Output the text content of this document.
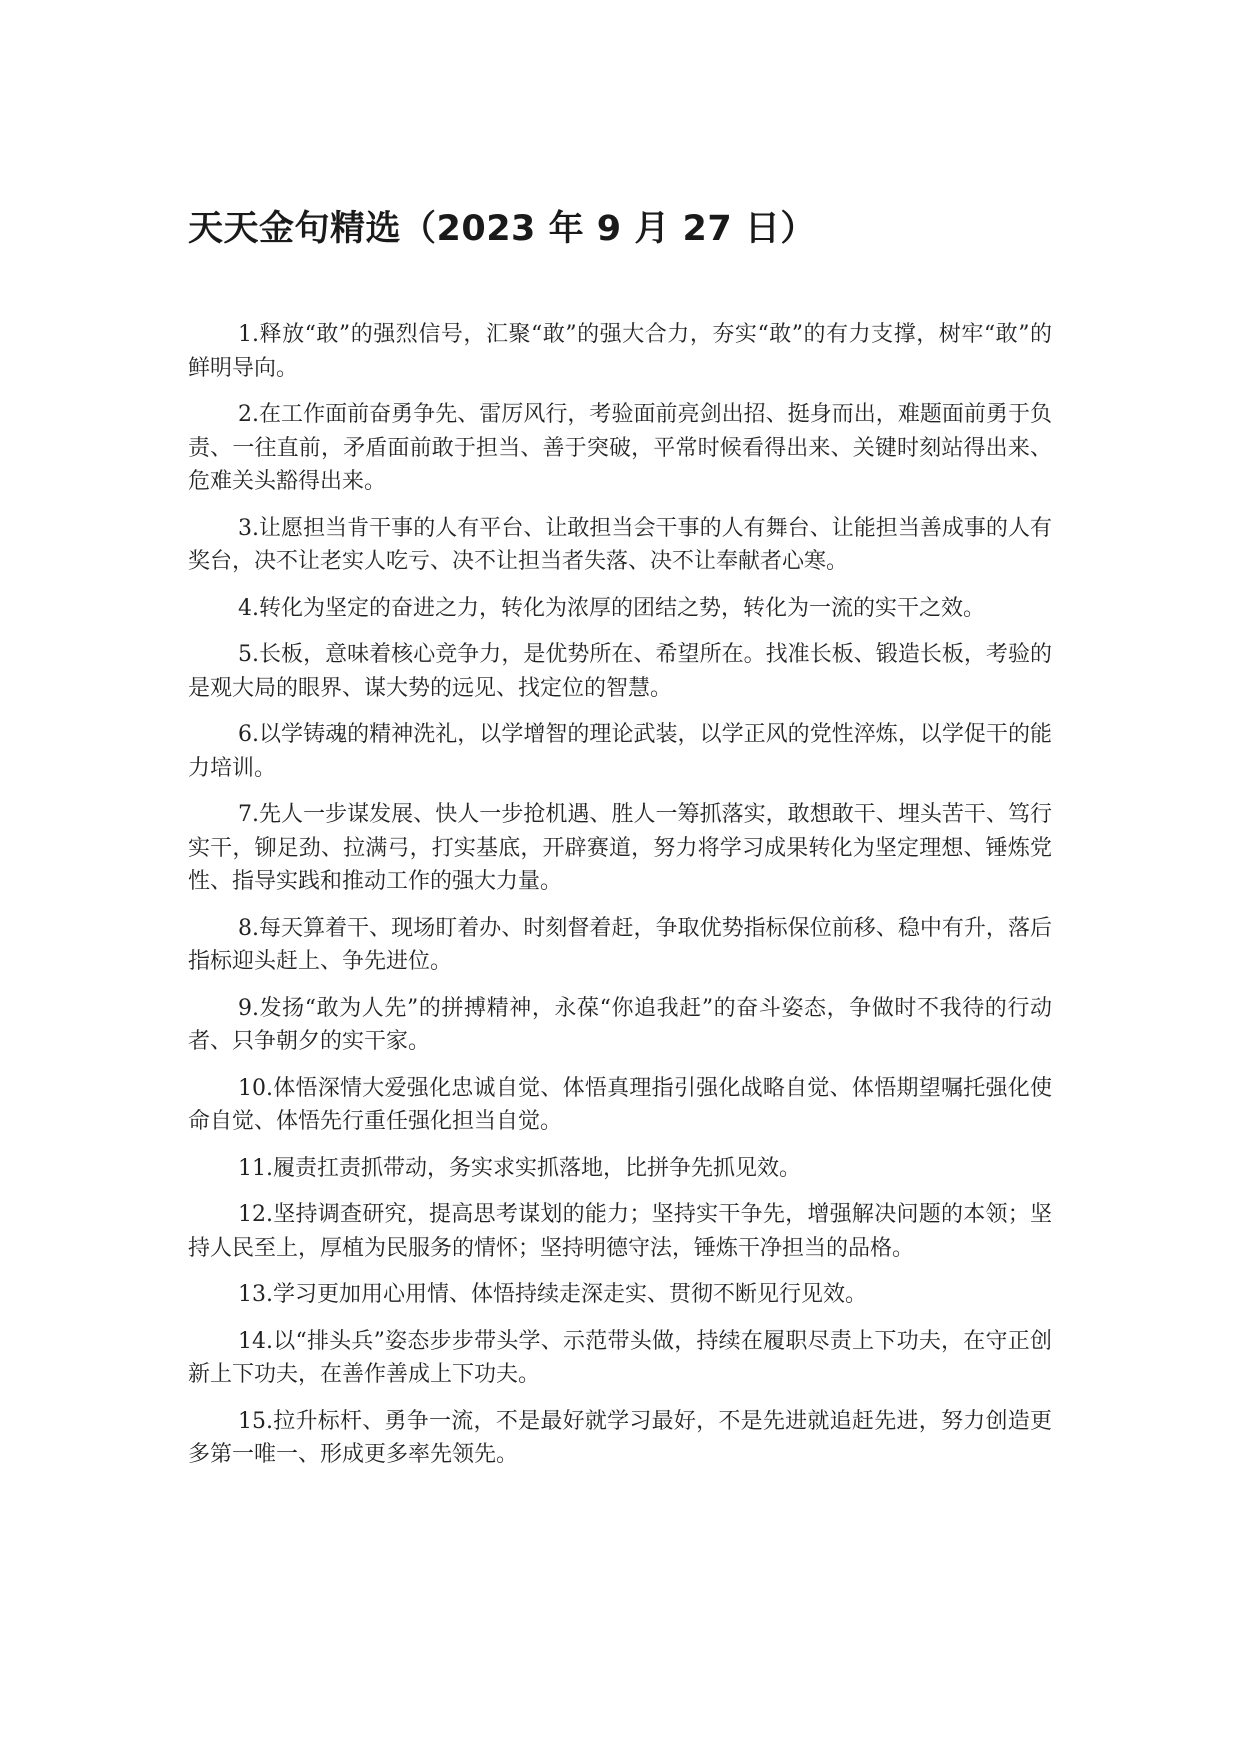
天天金句精选（2023 年 9 月 27 日）
1.释放“敢”的强烈信号，汇聚“敢”的强大合力，夯实“敢”的有力支撑，树牢“敢”的鲜明导向。
2.在工作面前奋勇争先、雷厉风行，考验面前亮剑出招、挺身而出，难题面前勇于负责、一往直前，矛盾面前敢于担当、善于突破，平常时候看得出来、关键时刻站得出来、危难关头豁得出来。
3.让愿担当肯干事的人有平台、让敢担当会干事的人有舞台、让能担当善成事的人有奖台，决不让老实人吃亏、决不让担当者失落、决不让奉献者心寒。
4.转化为坚定的奋进之力，转化为浓厚的团结之势，转化为一流的实干之效。
5.长板，意味着核心竞争力，是优势所在、希望所在。找准长板、锻造长板，考验的是观大局的眼界、谋大势的远见、找定位的智慧。
6.以学铸魂的精神洗礼，以学增智的理论武装，以学正风的党性淬炼，以学促干的能力培训。
7.先人一步谋发展、快人一步抢机遇、胜人一筹抓落实，敢想敢干、埋头苦干、笃行实干，铆足劲、拉满弓，打实基底，开辟赛道，努力将学习成果转化为坚定理想、锤炼党性、指导实践和推动工作的强大力量。
8.每天算着干、现场盯着办、时刻督着赶，争取优势指标保位前移、稳中有升，落后指标迎头赶上、争先进位。
9.发扬“敢为人先”的拼搏精神，永葆“你追我赶”的奋斗姿态，争做时不我待的行动者、只争朝夕的实干家。
10.体悟深情大爱强化忠诚自觉、体悟真理指引强化战略自觉、体悟期望嘱托强化使命自觉、体悟先行重任强化担当自觉。
11.履责扛责抓带动，务实求实抓落地，比拼争先抓见效。
12.坚持调查研究，提高思考谋划的能力；坚持实干争先，增强解决问题的本领；坚持人民至上，厚植为民服务的情怀；坚持明德守法，锤炼干净担当的品格。
13.学习更加用心用情、体悟持续走深走实、贯彻不断见行见效。
14.以“排头兵”姿态步步带头学、示范带头做，持续在履职尽责上下功夫，在守正创新上下功夫，在善作善成上下功夫。
15.拉升标杆、勇争一流，不是最好就学习最好，不是先进就追赶先进，努力创造更多第一唯一、形成更多率先领先。
